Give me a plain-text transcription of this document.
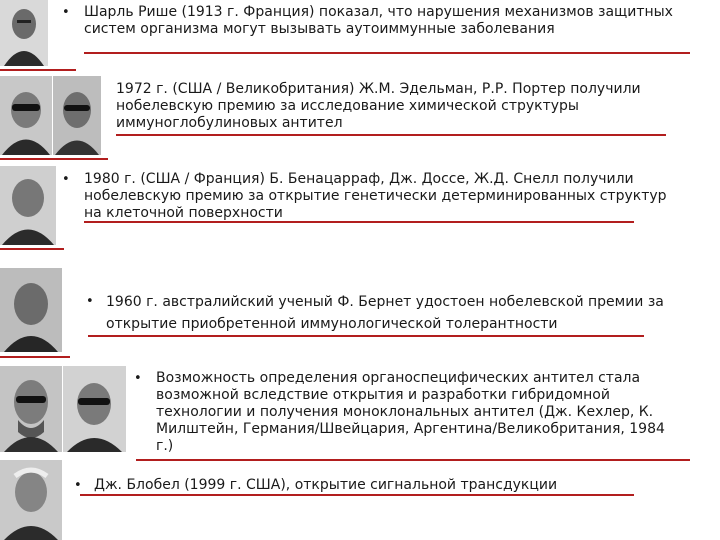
• Шарль Рише (1913 г. Франция) показал, что нарушения механизмов защитных
систем организма могут вызывать аутоиммунные заболевания
1972 г. (США / Великобритания) Ж.М. Эдельман, Р.Р. Портер получили
нобелевскую премию за исследование химической структуры
иммуноглобулиновых антител
• 1980 г. (США / Франция) Б. Бенацарраф, Дж. Доссе, Ж.Д. Снелл получили
нобелевскую премию за открытие генетически детерминированных структур
на клеточной поверхности
• 1960 г. австралийский ученый Ф. Бернет удостоен нобелевской премии за
открытие приобретенной иммунологической толерантности
• Возможность определения органоспецифических антител стала
возможной вследствие открытия и разработки гибридомной
технологии и получения моноклональных антител (Дж. Кехлер, К.
Милштейн, Германия/Швейцария, Аргентина/Великобритания, 1984
г.)
• Дж. Блобел (1999 г. США), открытие сигнальной трансдукции
